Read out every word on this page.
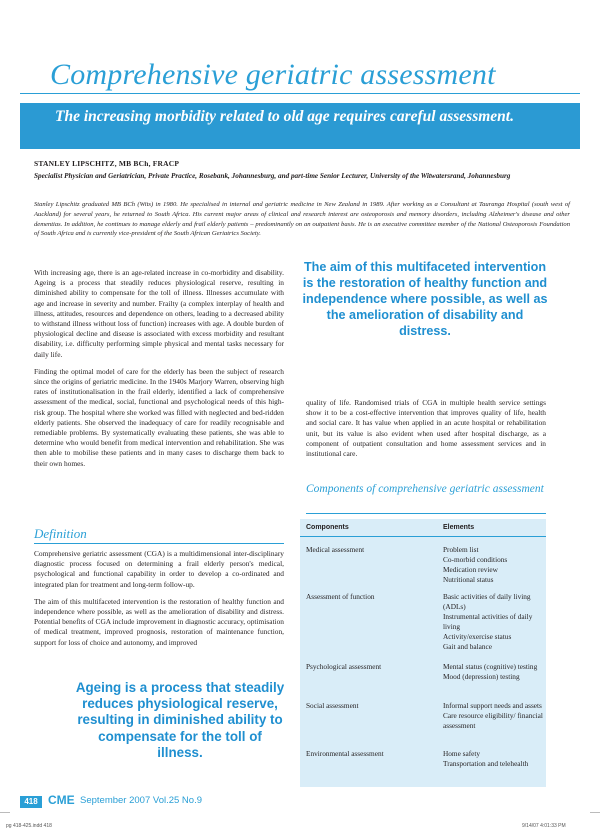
Comprehensive geriatric assessment
The increasing morbidity related to old age requires careful assessment.
STANLEY LIPSCHITZ, MB BCh, FRACP
Specialist Physician and Geriatrician, Private Practice, Rosebank, Johannesburg, and part-time Senior Lecturer, University of the Witwatersrand, Johannesburg
Stanley Lipschitz graduated MB BCh (Wits) in 1980. He specialised in internal and geriatric medicine in New Zealand in 1989. After working as a Consultant at Tauranga Hospital (south west of Auckland) for several years, he returned to South Africa. His current major areas of clinical and research interest are osteoporosis and memory disorders, including Alzheimer's disease and other dementias. In addition, he continues to manage elderly and frail elderly patients – predominantly on an outpatient basis. He is an executive committee member of the National Osteoporosis Foundation of South Africa and is currently vice-president of the South African Geriatrics Society.

With increasing age, there is an age-related increase in co-morbidity and disability. Ageing is a process that steadily reduces physiological reserve, resulting in diminished ability to compensate for the toll of illness. Illnesses accumulate with age and increase in severity and number. Frailty (a complex interplay of health and illness, attitudes, resources and dependence on others, leading to a decreased ability to withstand illness without loss of function) increases with age. A double burden of physiological decline and disease is associated with excess morbidity and resultant disability, i.e. difficulty performing simple physical and mental tasks necessary for daily life.

Finding the optimal model of care for the elderly has been the subject of research since the origins of geriatric medicine. In the 1940s Marjory Warren, observing high rates of institutionalisation in the frail elderly, identified a lack of comprehensive assessment of the medical, social, functional and psychological needs of this high-risk group. The hospital where she worked was filled with neglected and bed-ridden elderly patients. She observed the inadequacy of care for readily recognisable and remediable problems. By systematically evaluating these patients, she was able to determine who would benefit from medical intervention and rehabilitation. She was then able to mobilise these patients and in many cases to discharge them back to their own homes.

Definition

Comprehensive geriatric assessment (CGA) is a multidimensional inter-disciplinary diagnostic process focused on determining a frail elderly person's medical, psychological and functional capability in order to develop a co-ordinated and integrated plan for treatment and long-term follow-up.

The aim of this multifaceted intervention is the restoration of healthy function and independence where possible, as well as the amelioration of disability and distress. Potential benefits of CGA include improvement in diagnostic accuracy, optimisation of medical treatment, improved prognosis, restoration of maintenance function, support for loss of choice and autonomy, and improved

The aim of this multifaceted intervention is the restoration of healthy function and independence where possible, as well as the amelioration of disability and distress.
Ageing is a process that steadily reduces physiological reserve, resulting in diminished ability to compensate for the toll of illness.

quality of life. Randomised trials of CGA in multiple health service settings show it to be a cost-effective intervention that improves quality of life, health and social care. It has value when applied in an acute hospital or rehabilitation unit, but its value is also evident when used after hospital discharge, as a component of outpatient consultation and home assessment services and in institutional care.

Components of comprehensive geriatric assessment
Components	Elements
Medical assessment	Problem list
Co-morbid conditions
Medication review
Nutritional status
Assessment of function	Basic activities of daily living (ADLs)
Instrumental activities of daily living
Activity/exercise status
Gait and balance
Psychological assessment	Mental status (cognitive) testing
Mood (depression) testing
Social assessment	Informal support needs and assets
Care resource eligibility/ financial assessment
Environmental assessment	Home safety
Transportation and telehealth
418 CME September 2007 Vol.25 No.9
pg 418-425.indd 418	9/14/07 4:01:33 PM
